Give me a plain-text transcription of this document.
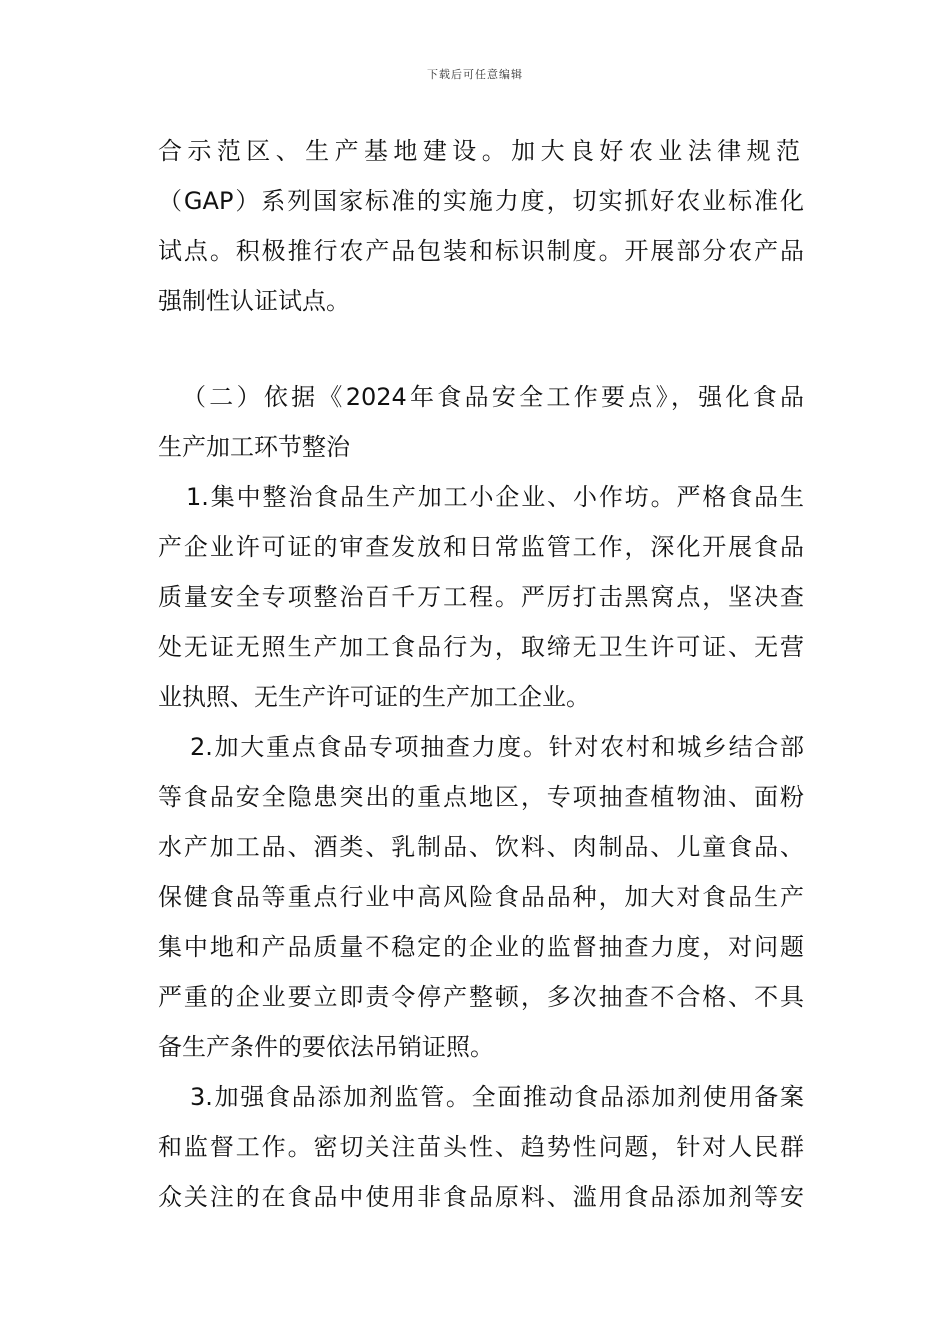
下载后可任意编辑
合示范区、生产基地建设。加大良好农业法律规范
（GAP）系列国家标准的实施力度，切实抓好农业标准化
试点。积极推行农产品包装和标识制度。开展部分农产品
强制性认证试点。
（二）依据《2024年食品安全工作要点》，强化食品
生产加工环节整治
1.集中整治食品生产加工小企业、小作坊。严格食品生
产企业许可证的审查发放和日常监管工作，深化开展食品
质量安全专项整治百千万工程。严厉打击黑窝点，坚决查
处无证无照生产加工食品行为，取缔无卫生许可证、无营
业执照、无生产许可证的生产加工企业。
2.加大重点食品专项抽查力度。针对农村和城乡结合部
等食品安全隐患突出的重点地区，专项抽查植物油、面粉
水产加工品、酒类、乳制品、饮料、肉制品、儿童食品、
保健食品等重点行业中高风险食品品种，加大对食品生产
集中地和产品质量不稳定的企业的监督抽查力度，对问题
严重的企业要立即责令停产整顿，多次抽查不合格、不具
备生产条件的要依法吊销证照。
3.加强食品添加剂监管。全面推动食品添加剂使用备案
和监督工作。密切关注苗头性、趋势性问题，针对人民群
众关注的在食品中使用非食品原料、滥用食品添加剂等安
